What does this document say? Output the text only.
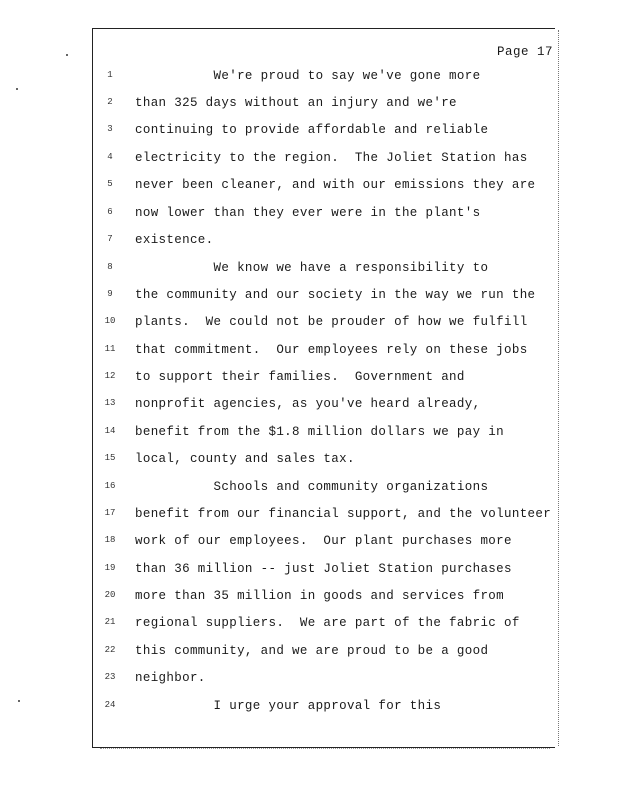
Page 17
1	We're proud to say we've gone more
2	than 325 days without an injury and we're
3	continuing to provide affordable and reliable
4	electricity to the region.  The Joliet Station has
5	never been cleaner, and with our emissions they are
6	now lower than they ever were in the plant's
7	existence.
8	We know we have a responsibility to
9	the community and our society in the way we run the
10 plants.  We could not be prouder of how we fulfill
11 that commitment.  Our employees rely on these jobs
12 to support their families.  Government and
13 nonprofit agencies, as you've heard already,
14 benefit from the $1.8 million dollars we pay in
15 local, county and sales tax.
16 Schools and community organizations
17 benefit from our financial support, and the volunteer
18 work of our employees.  Our plant purchases more
19 than 36 million -- just Joliet Station purchases
20 more than 35 million in goods and services from
21 regional suppliers.  We are part of the fabric of
22 this community, and we are proud to be a good
23 neighbor.
24 I urge your approval for this
